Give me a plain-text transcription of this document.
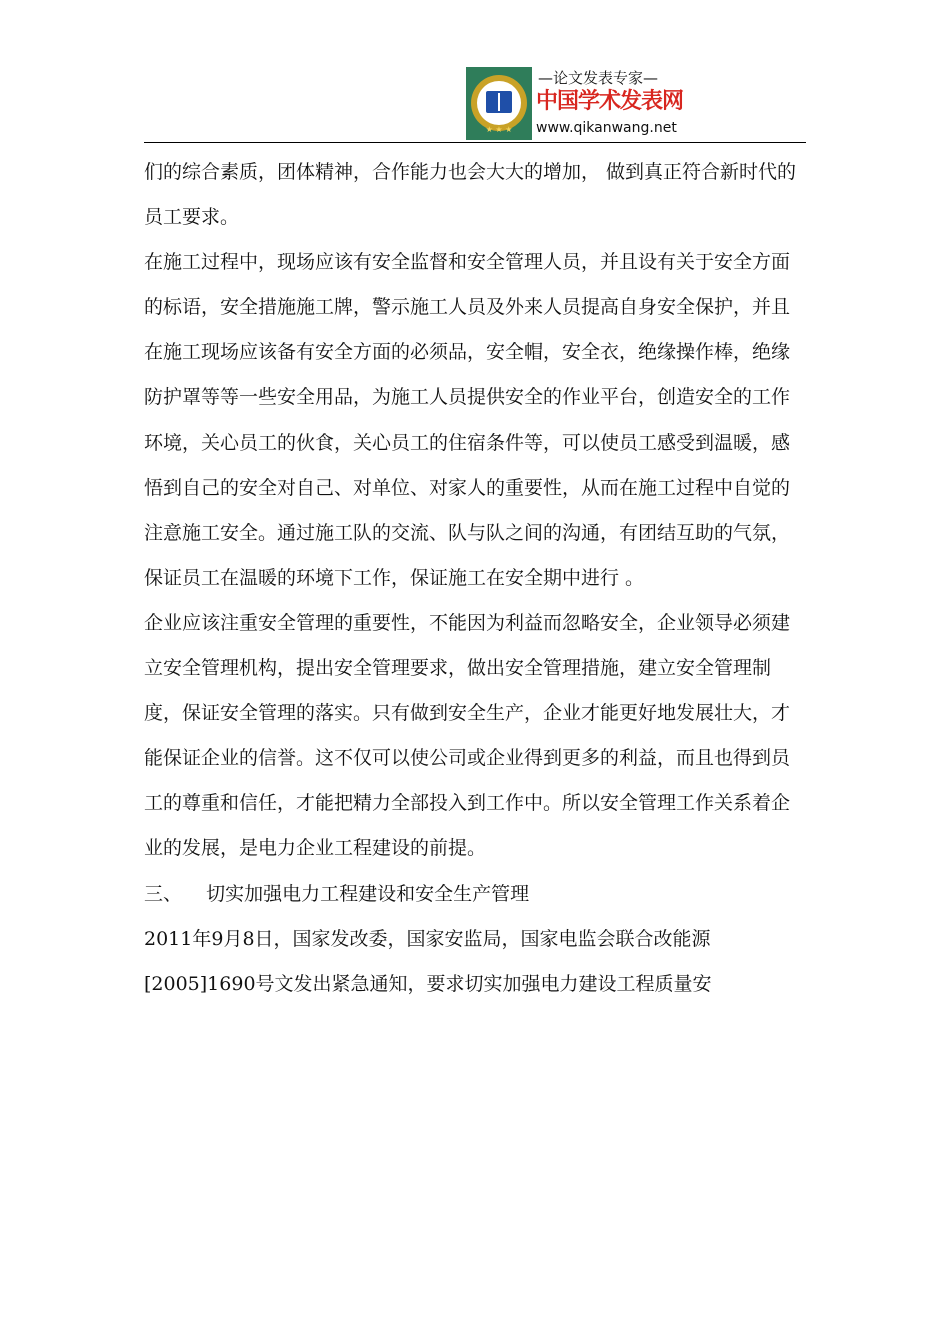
★ ★ ★
—论文发表专家—
中国学术发表网
www.qikanwang.net

们的综合素质，团体精神，合作能力也会大大的增加， 做到真正符合新时代的员工要求。

在施工过程中，现场应该有安全监督和安全管理人员，并且设有关于安全方面的标语，安全措施施工牌，警示施工人员及外来人员提高自身安全保护，并且在施工现场应该备有安全方面的必须品，安全帽，安全衣，绝缘操作棒，绝缘防护罩等等一些安全用品，为施工人员提供安全的作业平台，创造安全的工作环境，关心员工的伙食，关心员工的住宿条件等，可以使员工感受到温暖，感悟到自己的安全对自己、对单位、对家人的重要性，从而在施工过程中自觉的注意施工安全。通过施工队的交流、队与队之间的沟通，有团结互助的气氛，保证员工在温暖的环境下工作，保证施工在安全期中进行 。

企业应该注重安全管理的重要性，不能因为利益而忽略安全，企业领导必须建立安全管理机构，提出安全管理要求，做出安全管理措施，建立安全管理制度，保证安全管理的落实。只有做到安全生产，企业才能更好地发展壮大，才能保证企业的信誉。这不仅可以使公司或企业得到更多的利益，而且也得到员工的尊重和信任，才能把精力全部投入到工作中。所以安全管理工作关系着企业的发展，是电力企业工程建设的前提。

三、    切实加强电力工程建设和安全生产管理

2011年9月8日，国家发改委，国家安监局，国家电监会联合改能源[2005]1690号文发出紧急通知，要求切实加强电力建设工程质量安
